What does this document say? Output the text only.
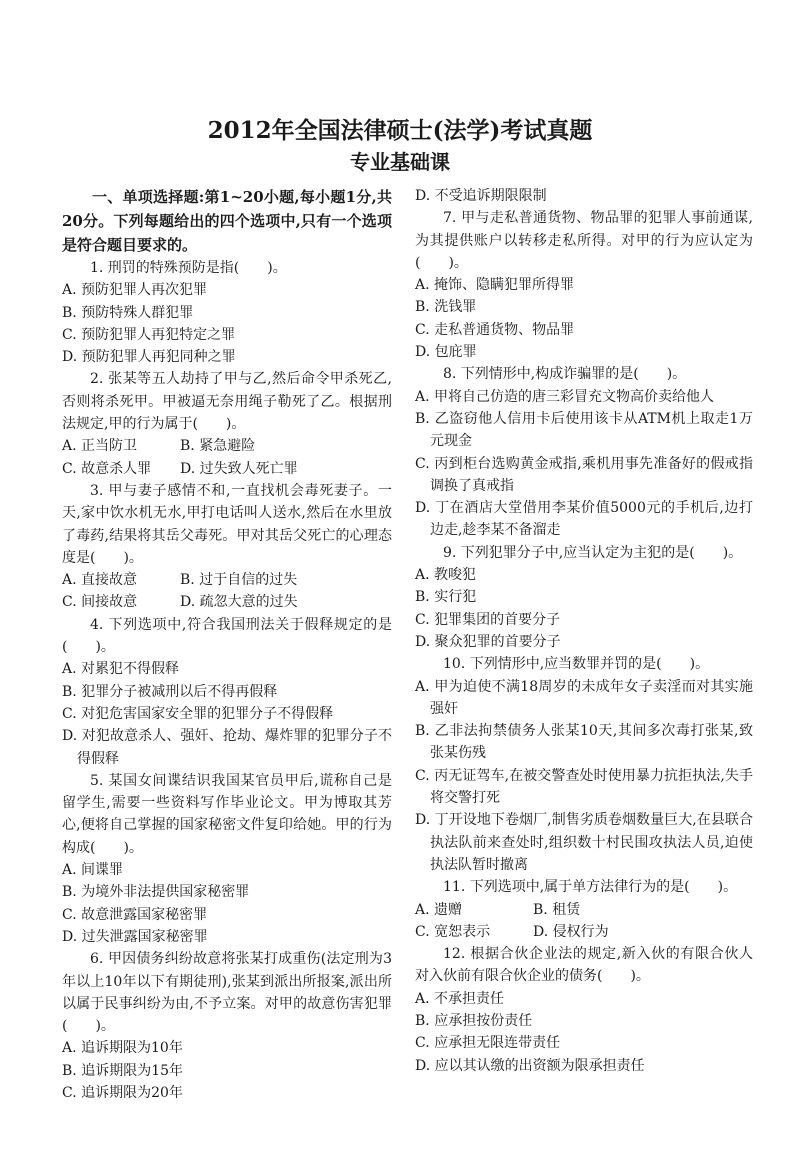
2012年全国法律硕士(法学)考试真题
专业基础课

一、单项选择题:第1~20小题,每小题1分,共20分。下列每题给出的四个选项中,只有一个选项是符合题目要求的。

1. 刑罚的特殊预防是指(　　)。

A. 预防犯罪人再次犯罪

B. 预防特殊人群犯罪

C. 预防犯罪人再犯特定之罪

D. 预防犯罪人再犯同种之罪

2. 张某等五人劫持了甲与乙,然后命令甲杀死乙,否则将杀死甲。甲被逼无奈用绳子勒死了乙。根据刑法规定,甲的行为属于(　　)。

A. 正当防卫	B. 紧急避险
C. 故意杀人罪	D. 过失致人死亡罪

3. 甲与妻子感情不和,一直找机会毒死妻子。一天,家中饮水机无水,甲打电话叫人送水,然后在水里放了毒药,结果将其岳父毒死。甲对其岳父死亡的心理态度是(　　)。

A. 直接故意	B. 过于自信的过失
C. 间接故意	D. 疏忽大意的过失

4. 下列选项中,符合我国刑法关于假释规定的是(　　)。

A. 对累犯不得假释

B. 犯罪分子被减刑以后不得再假释

C. 对犯危害国家安全罪的犯罪分子不得假释

D. 对犯故意杀人、强奸、抢劫、爆炸罪的犯罪分子不得假释

5. 某国女间谍结识我国某官员甲后,谎称自己是留学生,需要一些资料写作毕业论文。甲为博取其芳心,便将自己掌握的国家秘密文件复印给她。甲的行为构成(　　)。

A. 间谍罪

B. 为境外非法提供国家秘密罪

C. 故意泄露国家秘密罪

D. 过失泄露国家秘密罪

6. 甲因债务纠纷故意将张某打成重伤(法定刑为3年以上10年以下有期徒刑),张某到派出所报案,派出所以属于民事纠纷为由,不予立案。对甲的故意伤害犯罪(　　)。

A. 追诉期限为10年

B. 追诉期限为15年

C. 追诉期限为20年

D. 不受追诉期限限制

7. 甲与走私普通货物、物品罪的犯罪人事前通谋,为其提供账户以转移走私所得。对甲的行为应认定为(　　)。

A. 掩饰、隐瞒犯罪所得罪

B. 洗钱罪

C. 走私普通货物、物品罪

D. 包庇罪

8. 下列情形中,构成诈骗罪的是(　　)。

A. 甲将自己仿造的唐三彩冒充文物高价卖给他人

B. 乙盗窃他人信用卡后使用该卡从ATM机上取走1万元现金

C. 丙到柜台选购黄金戒指,乘机用事先准备好的假戒指调换了真戒指

D. 丁在酒店大堂借用李某价值5000元的手机后,边打边走,趁李某不备溜走

9. 下列犯罪分子中,应当认定为主犯的是(　　)。

A. 教唆犯

B. 实行犯

C. 犯罪集团的首要分子

D. 聚众犯罪的首要分子

10. 下列情形中,应当数罪并罚的是(　　)。

A. 甲为迫使不满18周岁的未成年女子卖淫而对其实施强奸

B. 乙非法拘禁债务人张某10天,其间多次毒打张某,致张某伤残

C. 丙无证驾车,在被交警查处时使用暴力抗拒执法,失手将交警打死

D. 丁开设地下卷烟厂,制售劣质卷烟数量巨大,在县联合执法队前来查处时,组织数十村民围攻执法人员,迫使执法队暂时撤离

11. 下列选项中,属于单方法律行为的是(　　)。

A. 遗赠	B. 租赁
C. 宽恕表示	D. 侵权行为

12. 根据合伙企业法的规定,新入伙的有限合伙人对入伙前有限合伙企业的债务(　　)。

A. 不承担责任

B. 应承担按份责任

C. 应承担无限连带责任

D. 应以其认缴的出资额为限承担责任
